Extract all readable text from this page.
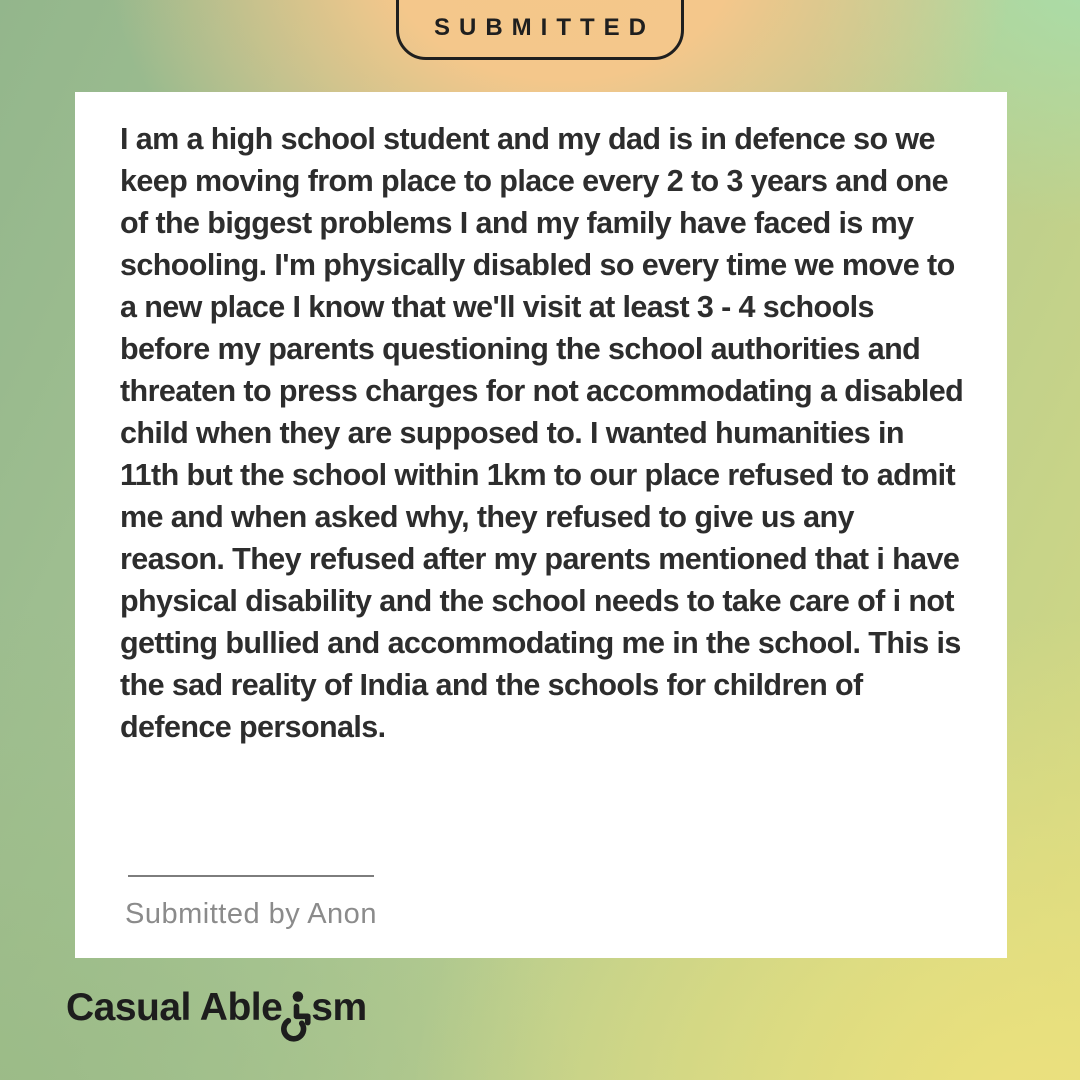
SUBMITTED
I am a high school student and my dad is in defence so we keep moving from place to place every 2 to 3 years and one of the biggest problems I and my family have faced is my schooling. I'm physically disabled so every time we move to a new place I know that we'll visit at least 3 - 4 schools before my parents questioning the school authorities and threaten to press charges for not accommodating a disabled child when they are supposed to. I wanted humanities in 11th but the school within 1km to our place refused to admit me and when asked why, they refused to give us any reason. They refused after my parents mentioned that i have physical disability and the school needs to take care of i not getting bullied and accommodating me in the school. This is the sad reality of India and the schools for children of defence personals.
Submitted by Anon
Casual Able sm
